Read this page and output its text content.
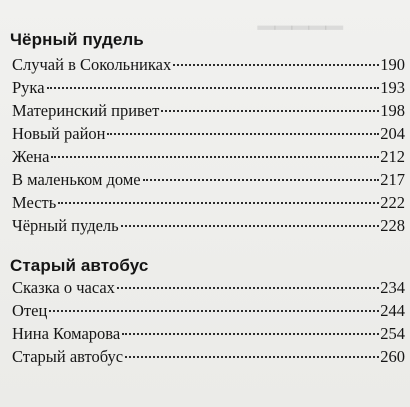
▁▁▁▁▁
Чёрный пудель
Случай в Сокольниках	190
Рука	193
Материнский привет	198
Новый район	204
Жена	212
В маленьком доме	217
Месть	222
Чёрный пудель	228
Старый автобус
Сказка о часах	234
Отец	244
Нина Комарова	254
Старый автобус	260
